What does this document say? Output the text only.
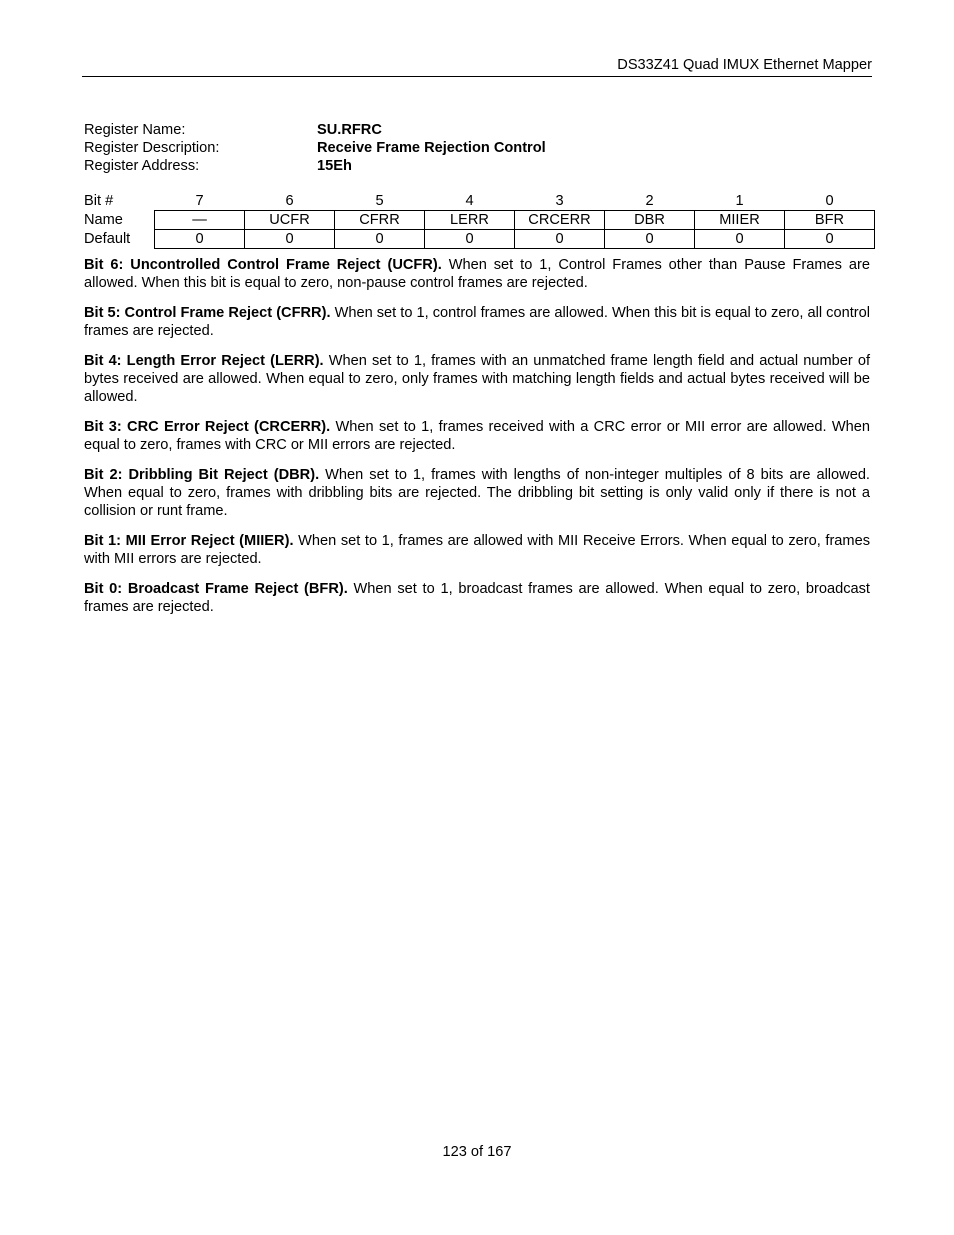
DS33Z41 Quad IMUX Ethernet Mapper
Register Name:	SU.RFRC
Register Description:	Receive Frame Rejection Control
Register Address:	15Eh
Bit #	7	6	5	4	3	2	1	0
Name	—	UCFR	CFRR	LERR	CRCERR	DBR	MIIER	BFR
Default	0	0	0	0	0	0	0	0

Bit 6: Uncontrolled Control Frame Reject (UCFR). When set to 1, Control Frames other than Pause Frames are allowed. When this bit is equal to zero, non-pause control frames are rejected.

Bit 5: Control Frame Reject (CFRR). When set to 1, control frames are allowed. When this bit is equal to zero, all control frames are rejected.

Bit 4: Length Error Reject (LERR). When set to 1, frames with an unmatched frame length field and actual number of bytes received are allowed. When equal to zero, only frames with matching length fields and actual bytes received will be allowed.

Bit 3: CRC Error Reject (CRCERR). When set to 1, frames received with a CRC error or MII error are allowed. When equal to zero, frames with CRC or MII errors are rejected.

Bit 2: Dribbling Bit Reject (DBR). When set to 1, frames with lengths of non-integer multiples of 8 bits are allowed. When equal to zero, frames with dribbling bits are rejected. The dribbling bit setting is only valid only if there is not a collision or runt frame.

Bit 1: MII Error Reject (MIIER). When set to 1, frames are allowed with MII Receive Errors. When equal to zero, frames with MII errors are rejected.

Bit 0: Broadcast Frame Reject (BFR). When set to 1, broadcast frames are allowed. When equal to zero, broadcast frames are rejected.

123 of 167
